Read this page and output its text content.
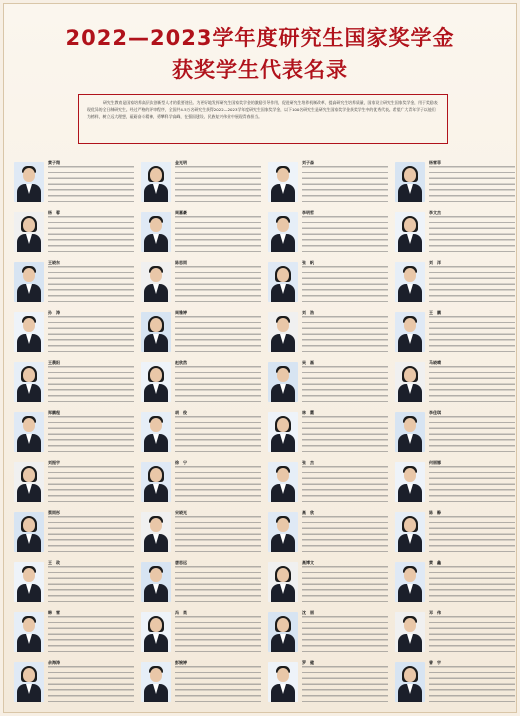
2022—2023学年度研究生国家奖学金
获奖学生代表名录
研究生教育是国家培养高层次创新型人才的重要途径。为更好地发挥研究生国家奖学金的激励引导作用，促进研究生培养机制改革，提高研究生培养质量，国家设立研究生国家奖学金，用于奖励表现优异的全日制研究生。经过严格的评审程序，全国共4.5万名研究生获得2022—2023学年度研究生国家奖学金，以下100名研究生是研究生国家奖学金获奖学生中的优秀代表。希望广大青年学子以他们为榜样，树立远大理想，砥砺奋斗精神，勇攀科学高峰，在强国建设、民族复兴伟业中展现青春担当。
黄子翔	金光明	刘子森	杨雪菲
杨　蓉	周嘉豪	李明哲	李文杰
王晓东	陈思雨	张　帆	刘　洋
孙　涛	周雅婷	刘　浩	王　鹏
王晨阳	赵欣然	吴　磊	马晓晴
郑鹏程	胡　俊	林　霞	李佳琪
刘振宇	徐　宁	张　杰	何丽娜
蔡雨彤	宋晓光	高　欣	陈　静
王　政	唐思远	高博文	黄　鑫
韩　雪	冯　昊	沈　丽	邓　伟
余海涛	彭婉婷	罗　健	曾　宇
